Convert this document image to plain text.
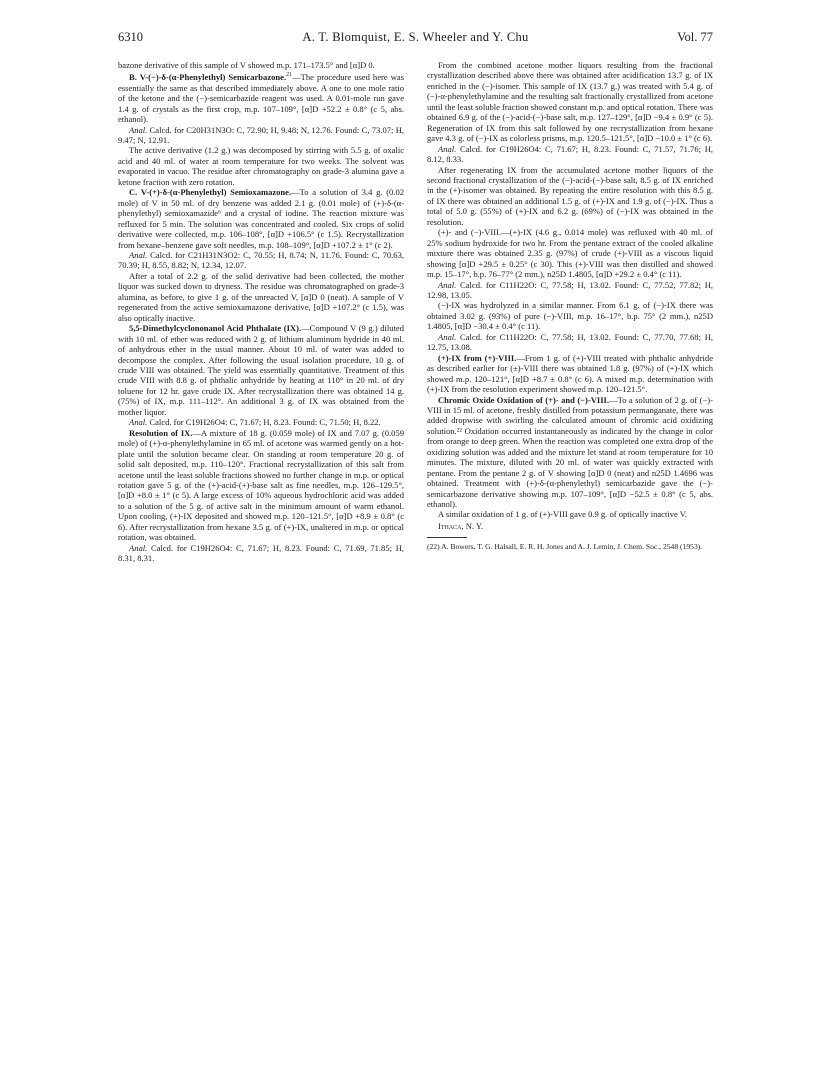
6310	A. T. Blomquist, E. S. Wheeler and Y. Chu	Vol. 77

bazone derivative of this sample of V showed m.p. 171–173.5° and [α]D 0.

B. V-(−)-δ-(α-Phenylethyl) Semicarbazone.$^{21}$—The procedure used here was essentially the same as that described immediately above. A one to one mole ratio of the ketone and the (−)-semicarbazide reagent was used. A 0.01-mole run gave 1.4 g. of crystals as the first crop, m.p. 107–109°, [α]D +52.2 ± 0.8° (c 5, abs. ethanol).

Anal. Calcd. for C20H31N3O: C, 72.90; H, 9.48; N, 12.76. Found: C, 73.07; H, 9.47; N, 12.91.

The active derivative (1.2 g.) was decomposed by stirring with 5.5 g. of oxalic acid and 40 ml. of water at room temperature for two weeks. The solvent was evaporated in vacuo. The residue after chromatography on grade-3 alumina gave a ketone fraction with zero rotation.

C. V-(+)-δ-(α-Phenylethyl) Semioxamazone.—To a solution of 3.4 g. (0.02 mole) of V in 50 ml. of dry benzene was added 2.1 g. (0.01 mole) of (+)-δ-(α-phenylethyl) semioxamazide⁶ and a crystal of iodine. The reaction mixture was refluxed for 5 min. The solution was concentrated and cooled. Six crops of solid derivative were collected, m.p. 106–108°, [α]D +106.5° (c 1.5). Recrystallization from hexane–benzene gave soft needles, m.p. 108–109°, [α]D +107.2 ± 1° (c 2).

Anal. Calcd. for C21H31N3O2: C, 70.55; H, 8.74; N, 11.76. Found: C, 70.63, 70.39; H, 8.55, 8.82; N, 12.34, 12.07.

After a total of 2.2 g. of the solid derivative had been collected, the mother liquor was sucked down to dryness. The residue was chromatographed on grade-3 alumina, as before, to give 1 g. of the unreacted V, [α]D 0 (neat). A sample of V regenerated from the active semioxamazone derivative, [α]D +107.2° (c 1.5), was also optically inactive.

5,5-Dimethylcyclononanol Acid Phthalate (IX).—Compound V (9 g.) diluted with 10 ml. of ether was reduced with 2 g. of lithium aluminum hydride in 40 ml. of anhydrous ether in the usual manner. About 10 ml. of water was added to decompose the complex. After following the usual isolation procedure, 10 g. of crude VIII was obtained. The yield was essentially quantitative. Treatment of this crude VIII with 8.8 g. of phthalic anhydride by heating at 110° in 20 ml. of dry toluene for 12 hr. gave crude IX. After recrystallization there was obtained 14 g. (75%) of IX, m.p. 111–112°. An additional 3 g. of IX was obtained from the mother liquor.

Anal. Calcd. for C19H26O4: C, 71.67; H, 8.23. Found: C, 71.50; H, 8.22.

Resolution of IX.—A mixture of 18 g. (0.059 mole) of IX and 7.07 g. (0.059 mole) of (+)-α-phenylethylamine in 65 ml. of acetone was warmed gently on a hot-plate until the solution became clear. On standing at room temperature 20 g. of solid salt deposited, m.p. 110–120°. Fractional recrystallization of this salt from acetone until the least soluble fractions showed no further change in m.p. or optical rotation gave 5 g. of the (+)-acid-(+)-base salt as fine needles, m.p. 126–129.5°, [α]D +8.0 ± 1° (c 5). A large excess of 10% aqueous hydrochloric acid was added to a solution of the 5 g. of active salt in the minimum amount of warm ethanol. Upon cooling, (+)-IX deposited and showed m.p. 120–121.5°, [α]D +8.9 ± 0.8° (c 6). After recrystallization from hexane 3.5 g. of (+)-IX, unaltered in m.p. or optical rotation, was obtained.

Anal. Calcd. for C19H26O4: C, 71.67; H, 8.23. Found: C, 71.69, 71.85; H, 8.31, 8.31.

From the combined acetone mother liquors resulting from the fractional crystallization described above there was obtained after acidification 13.7 g. of IX enriched in the (−)-isomer. This sample of IX (13.7 g.) was treated with 5.4 g. of (−)-α-phenylethylamine and the resulting salt fractionally crystallized from acetone until the least soluble fraction showed constant m.p. and optical rotation. There was obtained 6.9 g. of the (−)-acid-(−)-base salt, m.p. 127–129°, [α]D −9.4 ± 0.9° (c 5). Regeneration of IX from this salt followed by one recrystallization from hexane gave 4.3 g. of (−)-IX as colorless prisms, m.p. 120.5–121.5°, [α]D −10.0 ± 1° (c 6).

Anal. Calcd. for C19H26O4: C, 71.67; H, 8.23. Found: C, 71.57, 71.76; H, 8.12, 8.33.

After regenerating IX from the accumulated acetone mother liquors of the second fractional crystallization of the (−)-acid-(−)-base salt, 8.5 g. of IX enriched in the (+)-isomer was obtained. By repeating the entire resolution with this 8.5 g. of IX there was obtained an additional 1.5 g. of (+)-IX and 1.9 g. of (−)-IX. Thus a total of 5.0 g. (55%) of (+)-IX and 6.2 g. (69%) of (−)-IX was obtained in the resolution.

(+)- and (−)-VIII.—(+)-IX (4.6 g., 0.014 mole) was refluxed with 40 ml. of 25% sodium hydroxide for two hr. From the pentane extract of the cooled alkaline mixture there was obtained 2.35 g. (97%) of crude (+)-VIII as a viscous liquid showing [α]D +29.5 ± 0.25° (c 30). This (+)-VIII was then distilled and showed m.p. 15–17°, b.p. 76–77° (2 mm.), n25D 1.4805, [α]D +29.2 ± 0.4° (c 11).

Anal. Calcd. for C11H22O: C, 77.58; H, 13.02. Found: C, 77.52, 77.82; H, 12.98, 13.05.

(−)-IX was hydrolyzed in a similar manner. From 6.1 g. of (−)-IX there was obtained 3.02 g. (93%) of pure (−)-VIII, m.p. 16–17°, b.p. 75° (2 mm.), n25D 1.4805, [α]D −30.4 ± 0.4° (c 11).

Anal. Calcd. for C11H22O: C, 77.58; H, 13.02. Found: C, 77.70, 77.68; H, 12.75, 13.08.

(+)-IX from (+)-VIII.—From 1 g. of (+)-VIII treated with phthalic anhydride as described earlier for (±)-VIII there was obtained 1.8 g. (97%) of (+)-IX which showed m.p. 120–121°, [α]D +8.7 ± 0.8° (c 6). A mixed m.p. determination with (+)-IX from the resolution experiment showed m.p. 120–121.5°.

Chromic Oxide Oxidation of (+)- and (−)-VIII.—To a solution of 2 g. of (−)-VIII in 15 ml. of acetone, freshly distilled from potassium permanganate, there was added dropwise with swirling the calculated amount of chromic acid oxidizing solution.²² Oxidation occurred instantaneously as indicated by the change in color from orange to deep green. When the reaction was completed one extra drop of the oxidizing solution was added and the mixture let stand at room temperature for 10 minutes. The mixture, diluted with 20 ml. of water was quickly extracted with pentane. From the pentane 2 g. of V showing [α]D 0 (neat) and n25D 1.4696 was obtained. Treatment with (+)-δ-(α-phenylethyl) semicarbazide gave the (−)-semicarbazone derivative showing m.p. 107–109°, [α]D −52.5 ± 0.8° (c 5, abs. ethanol).

A similar oxidation of 1 g. of (+)-VIII gave 0.9 g. of optically inactive V.

Ithaca, N. Y.

(22) A. Bowers, T. G. Halsall, E. R. H. Jones and A. J. Lemin, J. Chem. Soc., 2548 (1953).
